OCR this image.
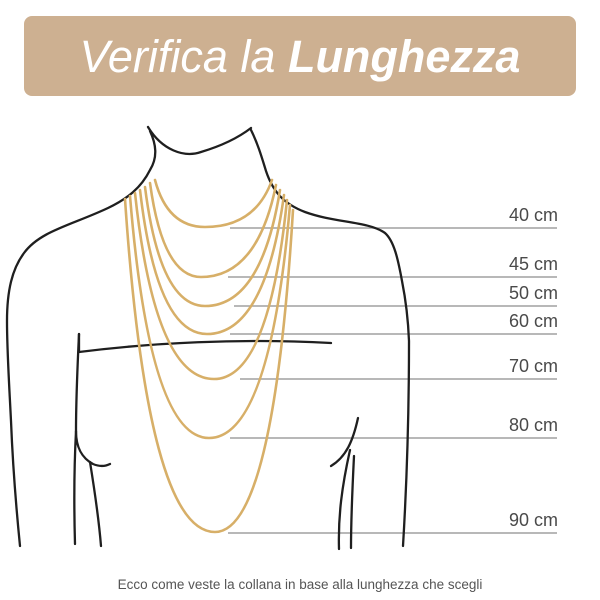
Verifica la Lunghezza
40 cm
45 cm
50 cm
60 cm
70 cm
80 cm
90 cm
Ecco come veste la collana in base alla lunghezza che scegli
